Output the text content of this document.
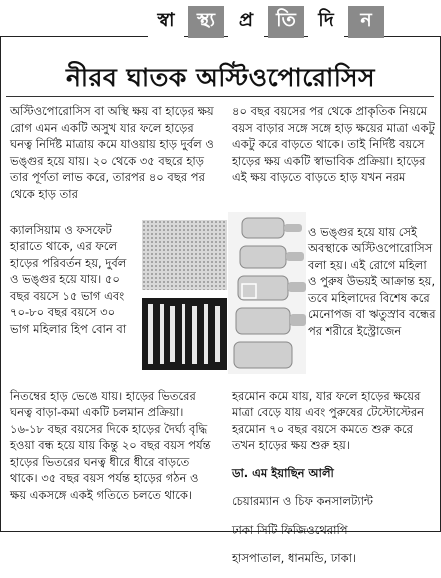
স্বা	স্থ্য	প্র	তি	দি	ন
নীরব ঘাতক অস্টিওপোরোসিস

অস্টিওপোরোসিস বা অস্থি ক্ষয় বা হাড়ের ক্ষয় রোগ এমন একটি অসুখ যার ফলে হাড়ের ঘনত্ব নির্দিষ্ট মাত্রায় কমে যাওয়ায় হাড় দুর্বল ও ভঙ্গুর হয়ে যায়। ২০ থেকে ৩৫ বছরে হাড় তার পূর্ণতা লাভ করে, তারপর ৪০ বছর পর থেকে হাড় তার

ক্যালসিয়াম ও ফসফেট হারাতে থাকে, এর ফলে হাড়ের পরিবর্তন হয়, দুর্বল ও ভঙ্গুর হয়ে যায়। ৫০ বছর বয়সে ১৫ ভাগ এবং ৭০-৮০ বছর বয়সে ৩০ ভাগ মহিলার হিপ বোন বা

নিতম্বের হাড় ভেঙে যায়। হাড়ের ভিতরের ঘনত্ব বাড়া-কমা একটি চলমান প্রক্রিয়া। ১৬-১৮ বছর বয়সের দিকে হাড়ের দৈর্ঘ্য বৃদ্ধি হওয়া বন্ধ হয়ে যায় কিন্তু ২০ বছর বয়স পর্যন্ত হাড়ের ভিতরের ঘনত্ব ধীরে ধীরে বাড়তে থাকে। ৩৫ বছর বয়স পর্যন্ত হাড়ের গঠন ও ক্ষয় একসঙ্গে একই গতিতে চলতে থাকে।

৪০ বছর বয়সের পর থেকে প্রাকৃতিক নিয়মে বয়স বাড়ার সঙ্গে সঙ্গে হাড় ক্ষয়ের মাত্রা একটু একটু করে বাড়তে থাকে। তাই নির্দিষ্ট বয়সে হাড়ের ক্ষয় একটি স্বাভাবিক প্রক্রিয়া। হাড়ের এই ক্ষয় বাড়তে বাড়তে হাড় যখন নরম

ও ভঙ্গুর হয়ে যায় সেই অবস্থাকে অস্টিওপোরোসিস বলা হয়। এই রোগে মহিলা ও পুরুষ উভয়ই আক্রান্ত হয়, তবে মহিলাদের বিশেষ করে মেনোপজ বা ঋতুস্রাব বন্ধের পর শরীরে ইস্ট্রোজেন

হরমোন কমে যায়, যার ফলে হাড়ের ক্ষয়ের মাত্রা বেড়ে যায় এবং পুরুষের টেস্টোস্টেরন হরমোন ৭০ বছর বয়সে কমতে শুরু করে তখন হাড়ের ক্ষয় শুরু হয়।

ডা. এম ইয়াছিন আলী

চেয়ারম্যান ও চিফ কনসালট্যান্ট

ঢাকা সিটি ফিজিওথেরাপি

হাসপাতাল, ধানমন্ডি, ঢাকা।
